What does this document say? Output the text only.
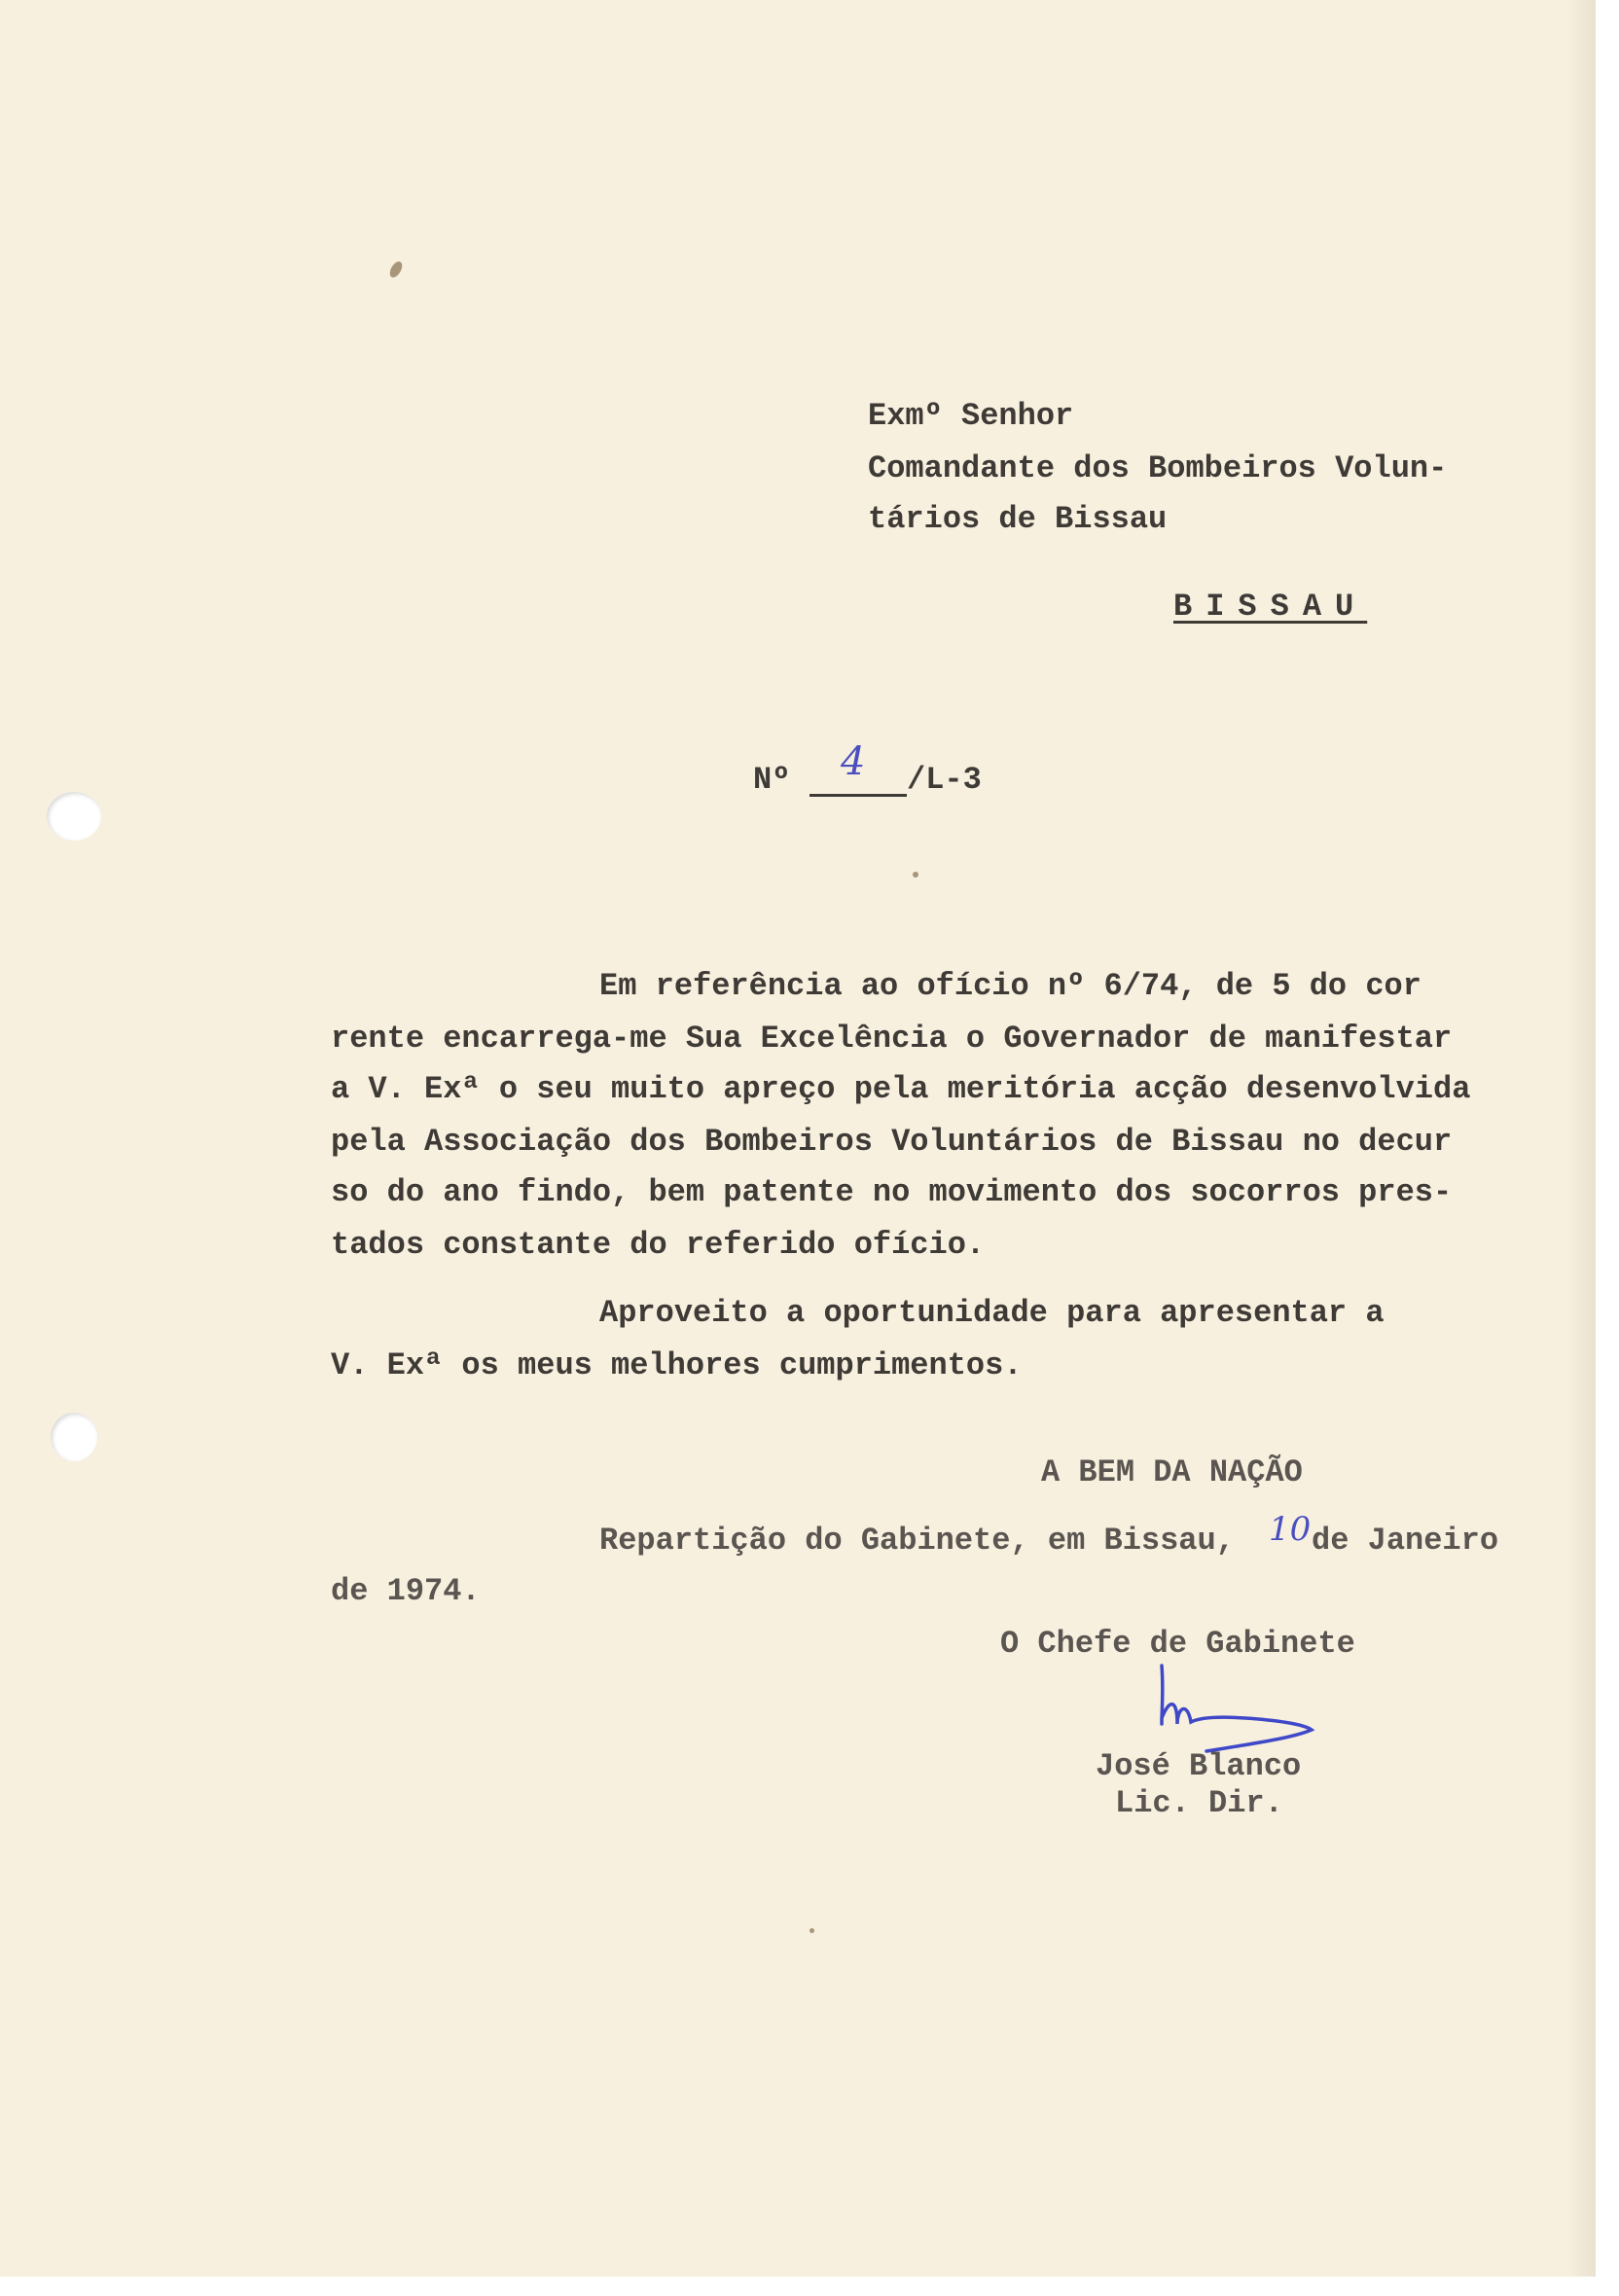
Exmº Senhor
Comandante dos Bombeiros Volun-
tários de Bissau
BISSAU
Nº 4 /L-3
Em referência ao ofício nº 6/74, de 5 do cor
rente encarrega-me Sua Excelência o Governador de manifestar
a V. Exª o seu muito apreço pela meritória acção desenvolvida
pela Associação dos Bombeiros Voluntários de Bissau no decur
so do ano findo, bem patente no movimento dos socorros pres-
tados constante do referido ofício.
Aproveito a oportunidade para apresentar a
V. Exª os meus melhores cumprimentos.
A BEM DA NAÇÃO
Repartição do Gabinete, em Bissau, 10 de Janeiro
de 1974.
O Chefe de Gabinete
José Blanco
Lic. Dir.
